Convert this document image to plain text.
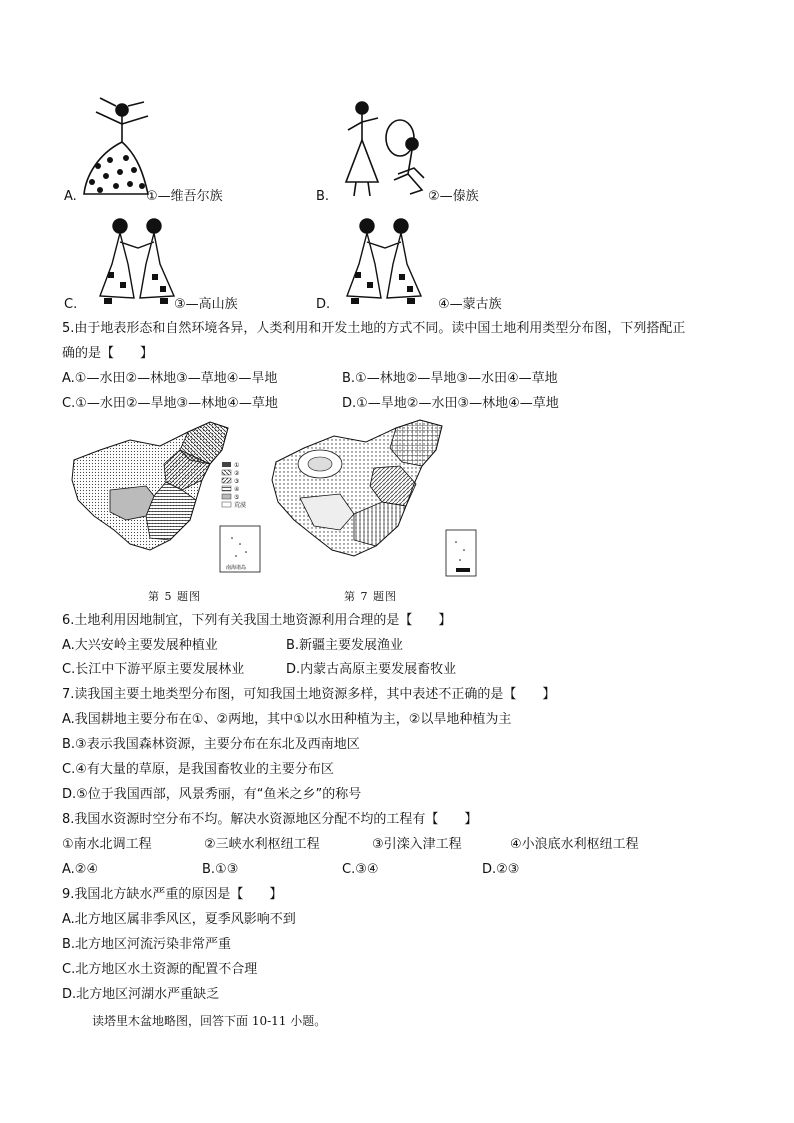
A.	①—维吾尔族	B.	②—傣族
C.	③—高山族	D.	④—蒙古族
5.由于地表形态和自然环境各异，人类利用和开发土地的方式不同。读中国土地利用类型分布图，下列搭配正
确的是【　　】
A.①—水田②—林地③—草地④—旱地	B.①—林地②—旱地③—水田④—草地
C.①—水田②—旱地③—林地④—草地	D.①—旱地②—水田③—林地④—草地
①
②
③
④
⑤
荒漠
南海诸岛
第 5 题图	第 7 题图
6.土地利用因地制宜，下列有关我国土地资源利用合理的是【　　】
A.大兴安岭主要发展种植业	B.新疆主要发展渔业
C.长江中下游平原主要发展林业	D.内蒙古高原主要发展畜牧业
7.读我国主要土地类型分布图，可知我国土地资源多样，其中表述不正确的是【　　】
A.我国耕地主要分布在①、②两地，其中①以水田种植为主，②以旱地种植为主
B.③表示我国森林资源，主要分布在东北及西南地区
C.④有大量的草原，是我国畜牧业的主要分布区
D.⑤位于我国西部，风景秀丽，有“鱼米之乡”的称号
8.我国水资源时空分布不均。解决水资源地区分配不均的工程有【　　】
①南水北调工程	②三峡水利枢纽工程	③引滦入津工程	④小浪底水利枢纽工程
A.②④	B.①③	C.③④	D.②③
9.我国北方缺水严重的原因是【　　】
A.北方地区属非季风区，夏季风影响不到
B.北方地区河流污染非常严重
C.北方地区水土资源的配置不合理
D.北方地区河湖水严重缺乏
读塔里木盆地略图，回答下面 10-11 小题。
